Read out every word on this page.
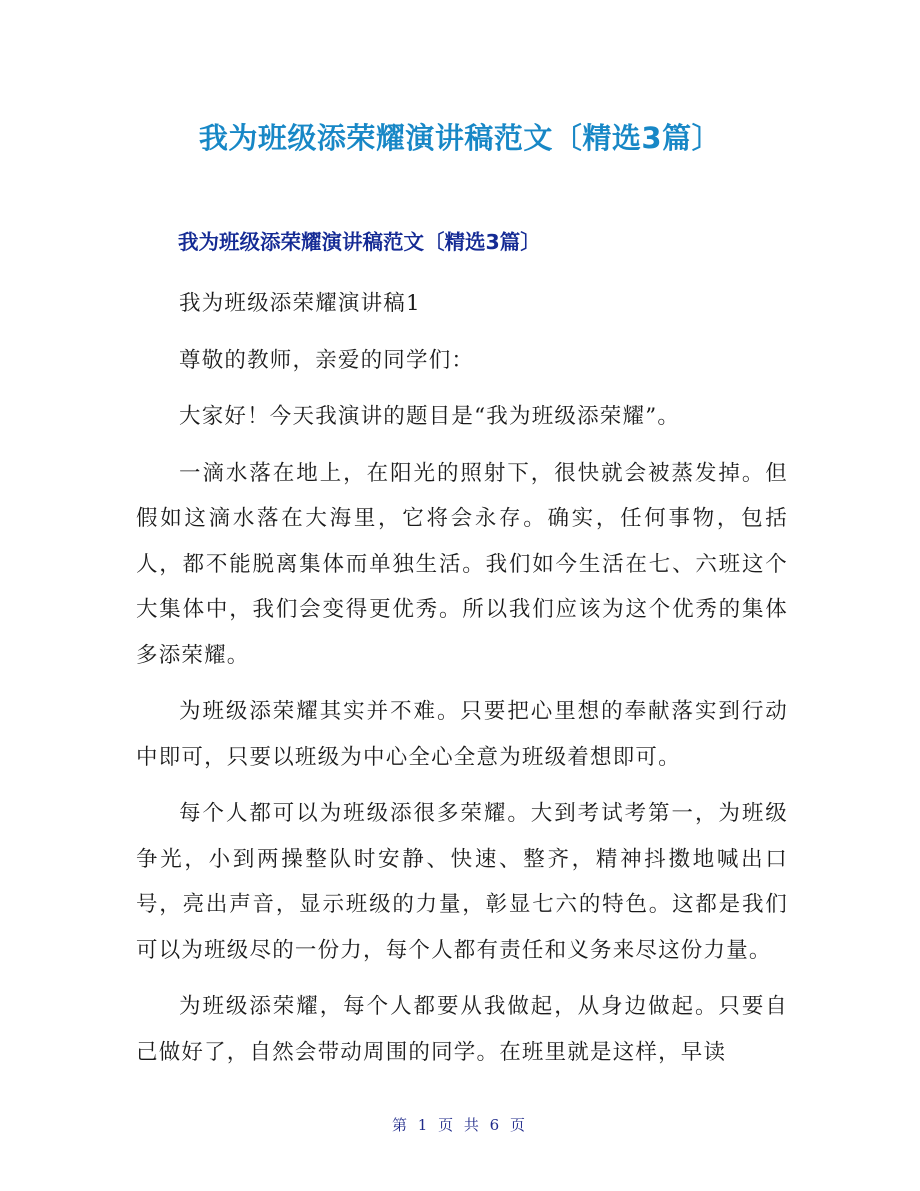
我为班级添荣耀演讲稿范文〔精选3篇〕
我为班级添荣耀演讲稿范文〔精选3篇〕

我为班级添荣耀演讲稿1

尊敬的教师，亲爱的同学们：

大家好！今天我演讲的题目是“我为班级添荣耀”。

一滴水落在地上，在阳光的照射下，很快就会被蒸发掉。但假如这滴水落在大海里，它将会永存。确实，任何事物，包括人，都不能脱离集体而单独生活。我们如今生活在七、六班这个大集体中，我们会变得更优秀。所以我们应该为这个优秀的集体多添荣耀。

为班级添荣耀其实并不难。只要把心里想的奉献落实到行动中即可，只要以班级为中心全心全意为班级着想即可。

每个人都可以为班级添很多荣耀。大到考试考第一，为班级争光，小到两操整队时安静、快速、整齐，精神抖擞地喊出口号，亮出声音，显示班级的力量，彰显七六的特色。这都是我们可以为班级尽的一份力，每个人都有责任和义务来尽这份力量。

为班级添荣耀，每个人都要从我做起，从身边做起。只要自己做好了，自然会带动周围的同学。在班里就是这样，早读

第 1 页 共 6 页
